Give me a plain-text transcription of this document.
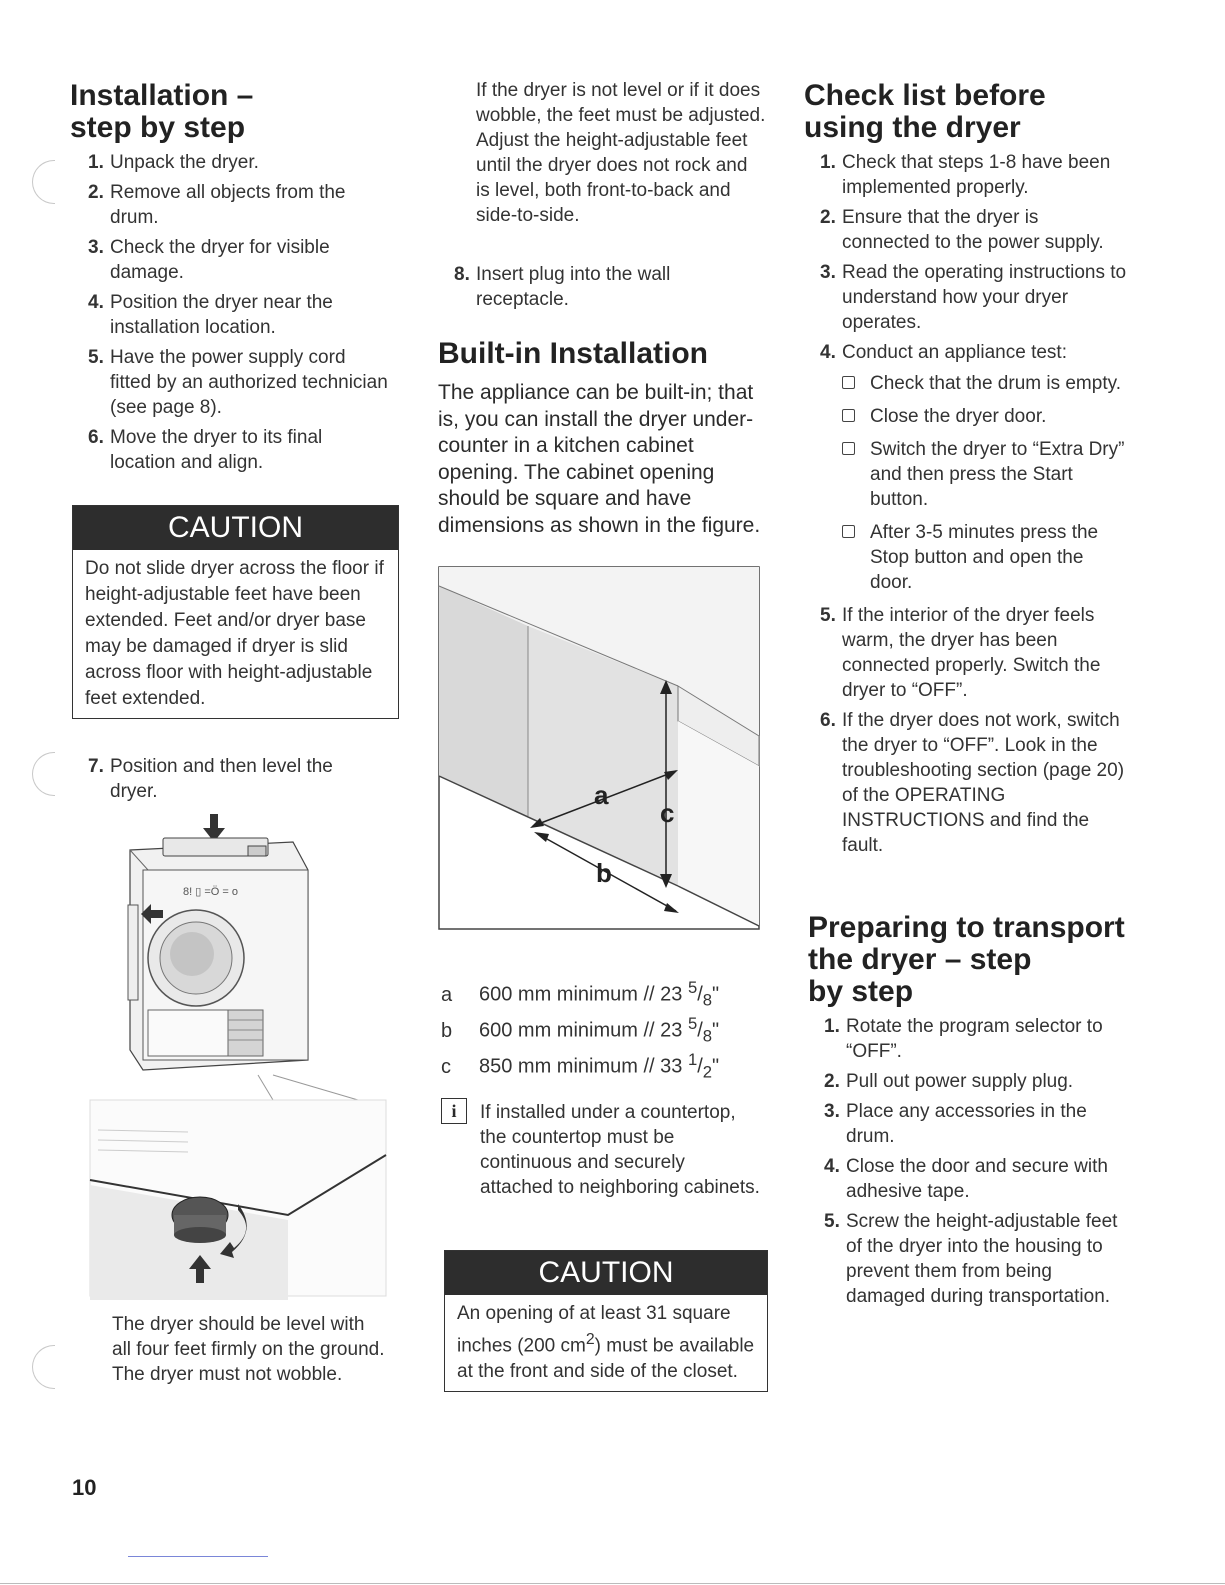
Installation –
step by step
1. Unpack the dryer.
2. Remove all objects from the drum.
3. Check the dryer for visible damage.
4. Position the dryer near the installation location.
5. Have the power supply cord fitted by an authorized technician (see page 8).
6. Move the dryer to its final location and align.
CAUTION
Do not slide dryer across the floor if height-adjustable feet have been extended. Feet and/or dryer base may be damaged if dryer is slid across floor with height-adjustable feet extended.
7. Position and then level the dryer.
8! ▯ =Ö = o

The dryer should be level with all four feet firmly on the ground. The dryer must not wobble.

If the dryer is not level or if it does wobble, the feet must be adjusted. Adjust the height-adjustable feet until the dryer does not rock and is level, both front-to-back and side-to-side.

8. Insert plug into the wall receptacle.
Built-in Installation

The appliance can be built-in; that is, you can install the dryer under-counter in a kitchen cabinet opening. The cabinet opening should be square and have dimensions as shown in the figure.

a
c
b
a 600 mm minimum // 23 $^5/_8$"
b 600 mm minimum // 23 $^5/_8$"
c 850 mm minimum // 33 $^1/_2$"
i	If installed under a countertop, the countertop must be continuous and securely attached to neighboring cabinets.

CAUTION
An opening of at least 31 square inches (200 $cm^2$) must be available at the front and side of the closet.
Check list before
using the dryer
1. Check that steps 1-8 have been implemented properly.
2. Ensure that the dryer is connected to the power supply.
3. Read the operating instructions to understand how your dryer operates.
4. Conduct an appliance test:
Check that the drum is empty.
Close the dryer door.
Switch the dryer to “Extra Dry” and then press the Start button.
After 3-5 minutes press the Stop button and open the door.
5. If the interior of the dryer feels warm, the dryer has been connected properly. Switch the dryer to “OFF”.
6. If the dryer does not work, switch the dryer to “OFF”. Look in the troubleshooting section (page 20) of the OPERATING INSTRUCTIONS and find the fault.
Preparing to transport
the dryer – step
by step
1. Rotate the program selector to “OFF”.
2. Pull out power supply plug.
3. Place any accessories in the drum.
4. Close the door and secure with adhesive tape.
5. Screw the height-adjustable feet of the dryer into the housing to prevent them from being damaged during transportation.
10
